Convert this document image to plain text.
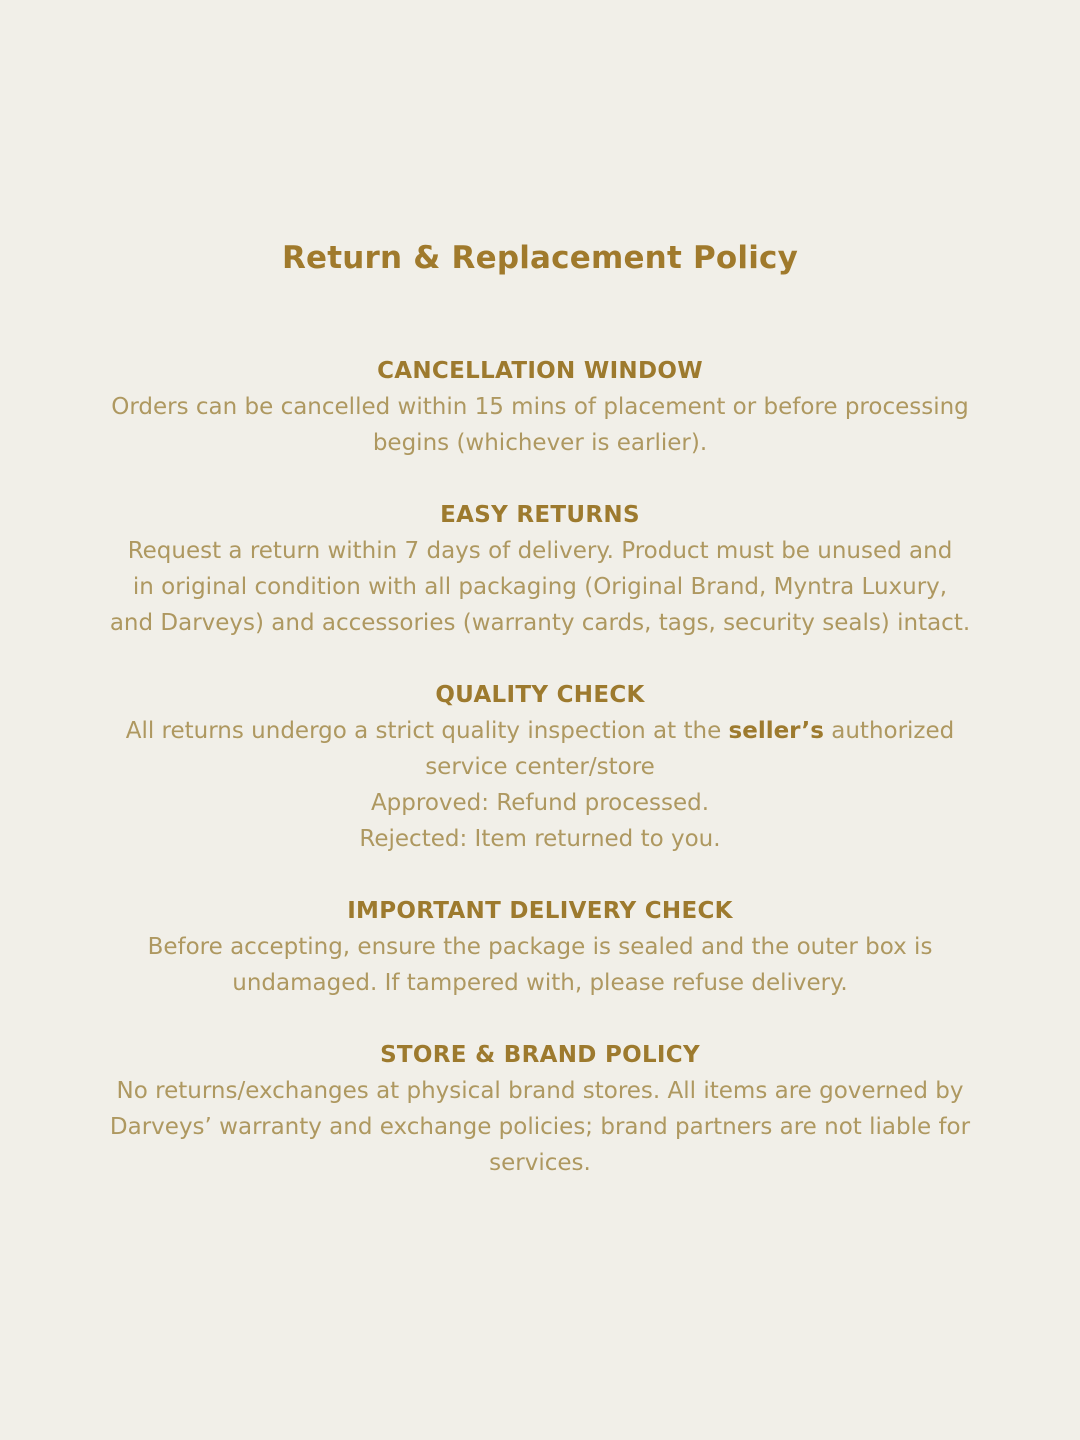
Return & Replacement Policy
CANCELLATION WINDOW
Orders can be cancelled within 15 mins of placement or before processing
begins (whichever is earlier).
EASY RETURNS
Request a return within 7 days of delivery. Product must be unused and
in original condition with all packaging (Original Brand, Myntra Luxury,
and Darveys) and accessories (warranty cards, tags, security seals) intact.
QUALITY CHECK
All returns undergo a strict quality inspection at the seller’s authorized
service center/store
Approved: Refund processed.
Rejected: Item returned to you.
IMPORTANT DELIVERY CHECK
Before accepting, ensure the package is sealed and the outer box is
undamaged. If tampered with, please refuse delivery.
STORE & BRAND POLICY
No returns/exchanges at physical brand stores. All items are governed by
Darveys’ warranty and exchange policies; brand partners are not liable for
services.
